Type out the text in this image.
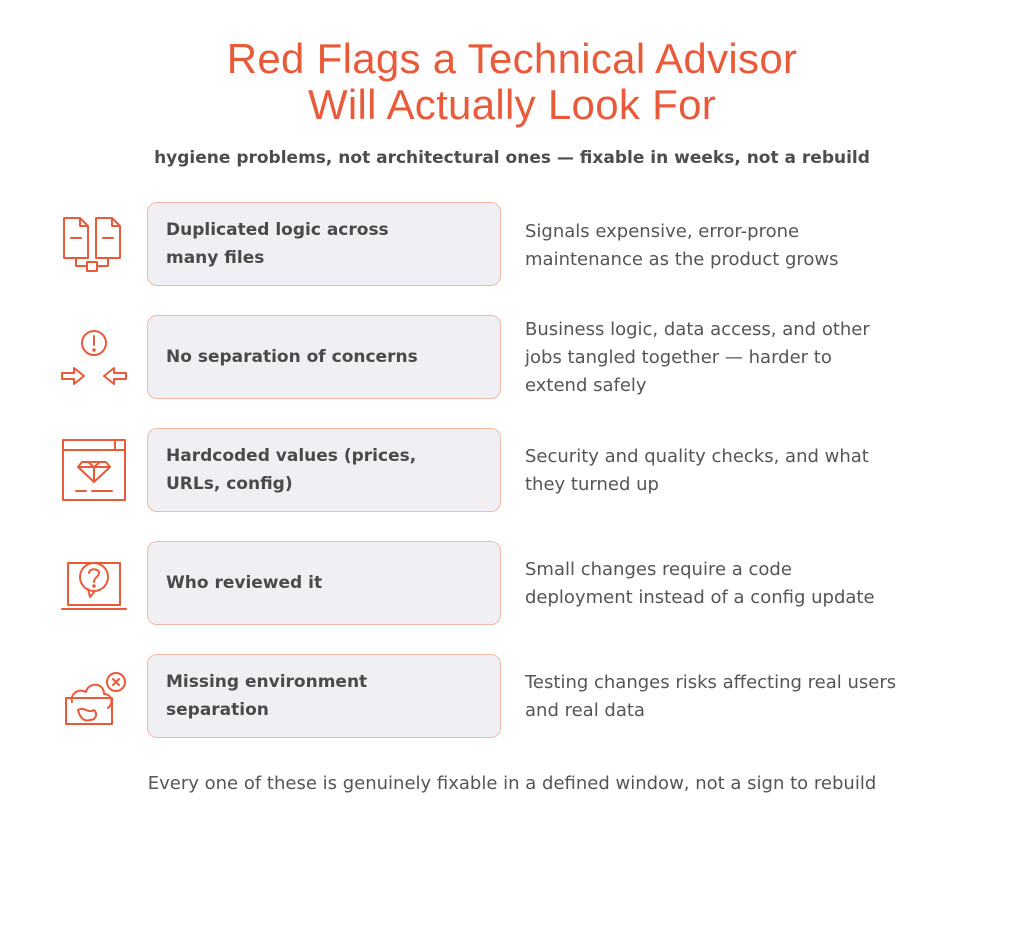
Red Flags a Technical Advisor
Will Actually Look For
hygiene problems, not architectural ones — fixable in weeks, not a rebuild
Duplicated logic across
many files
Signals expensive, error-prone
maintenance as the product grows
No separation of concerns
Business logic, data access, and other
jobs tangled together — harder to
extend safely
Hardcoded values (prices,
URLs, config)
Security and quality checks, and what
they turned up
Who reviewed it
Small changes require a code
deployment instead of a config update
Missing environment
separation
Testing changes risks affecting real users
and real data
Every one of these is genuinely fixable in a defined window, not a sign to rebuild
